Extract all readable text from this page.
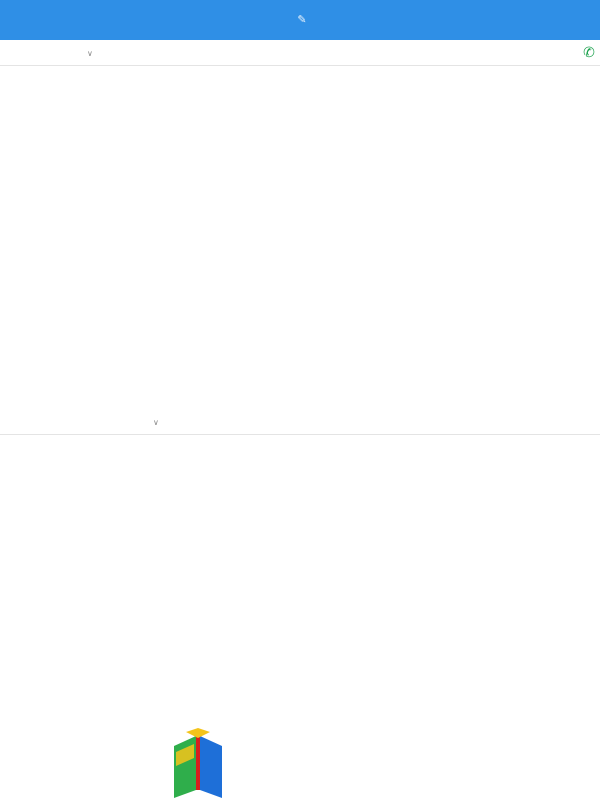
✎
∨	✆
∨
